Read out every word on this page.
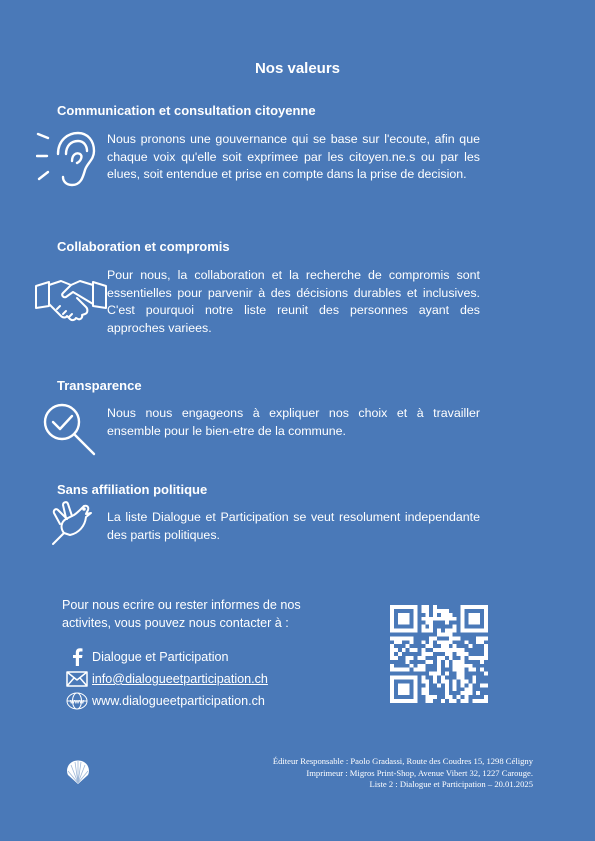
Nos valeurs
Communication et consultation citoyenne
Nous pronons une gouvernance qui se base sur l'ecoute, afin que chaque voix qu'elle soit exprimee par les citoyen.ne.s ou par les elues, soit entendue et prise en compte dans la prise de decision.
Collaboration et compromis
Pour nous, la collaboration et la recherche de compromis sont essentielles pour parvenir à des décisions durables et inclusives. C'est pourquoi notre liste reunit des personnes ayant des approches variees.
Transparence
Nous nous engageons à expliquer nos choix et à travailler ensemble pour le bien-etre de la commune.
Sans affiliation politique
La liste Dialogue et Participation se veut resolument independante des partis politiques.
Pour nous ecrire ou rester informes de nos activites, vous pouvez nous contacter à :
Dialogue et Participation
info@dialogueetparticipation.ch
www www.dialogueetparticipation.ch
Éditeur Responsable : Paolo Gradassi, Route des Coudres 15, 1298 Céligny
Imprimeur : Migros Print-Shop, Avenue Vibert 32, 1227 Carouge.
Liste 2 : Dialogue et Participation – 20.01.2025
